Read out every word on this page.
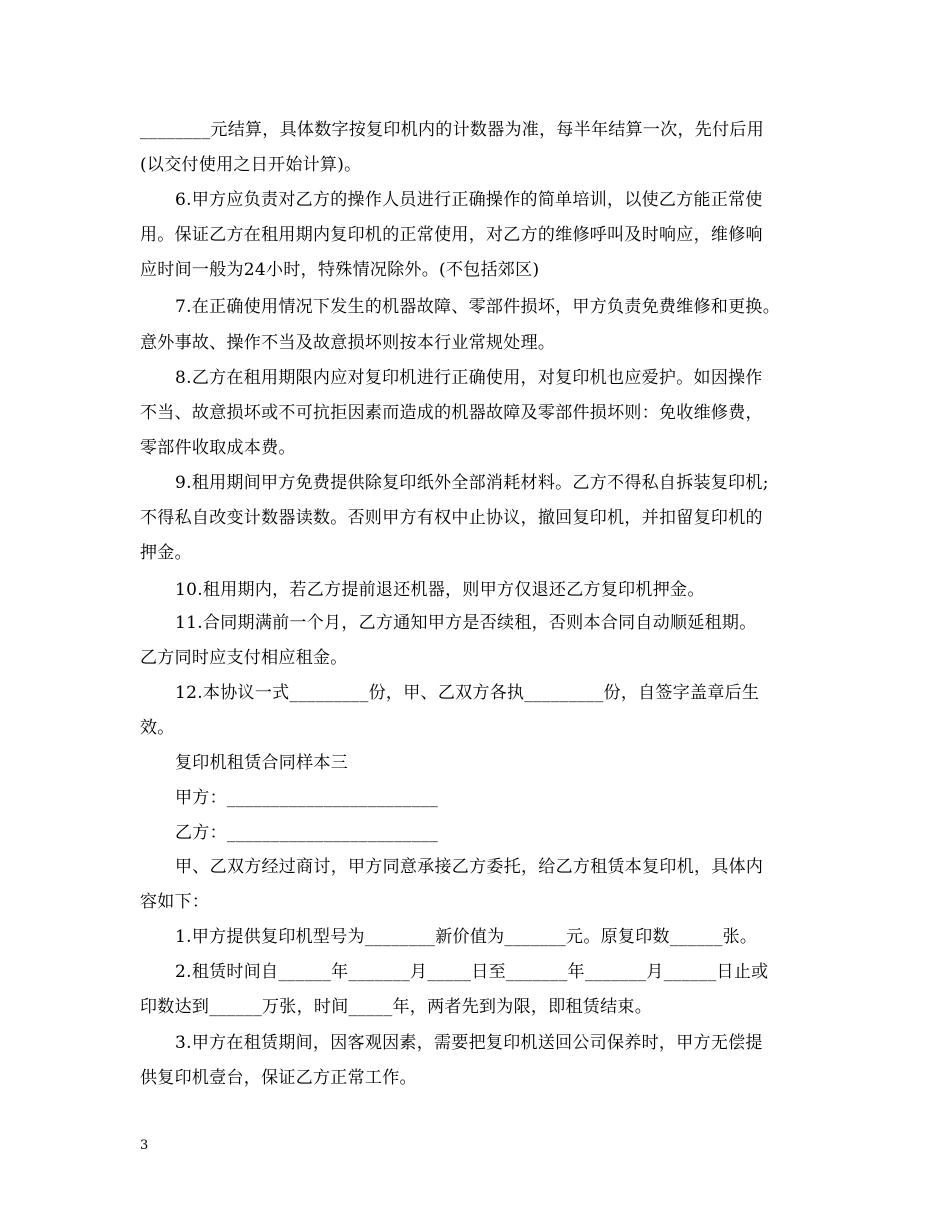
________元结算，具体数字按复印机内的计数器为准，每半年结算一次，先付后用
(以交付使用之日开始计算)。
6.甲方应负责对乙方的操作人员进行正确操作的简单培训，以使乙方能正常使
用。保证乙方在租用期内复印机的正常使用，对乙方的维修呼叫及时响应，维修响
应时间一般为24小时，特殊情况除外。(不包括郊区)
7.在正确使用情况下发生的机器故障、零部件损坏，甲方负责免费维修和更换。
意外事故、操作不当及故意损坏则按本行业常规处理。
8.乙方在租用期限内应对复印机进行正确使用，对复印机也应爱护。如因操作
不当、故意损坏或不可抗拒因素而造成的机器故障及零部件损坏则：免收维修费，
零部件收取成本费。
9.租用期间甲方免费提供除复印纸外全部消耗材料。乙方不得私自拆装复印机;
不得私自改变计数器读数。否则甲方有权中止协议，撤回复印机，并扣留复印机的
押金。
10.租用期内，若乙方提前退还机器，则甲方仅退还乙方复印机押金。
11.合同期满前一个月，乙方通知甲方是否续租，否则本合同自动顺延租期。
乙方同时应支付相应租金。
12.本协议一式_________份，甲、乙双方各执_________份，自签字盖章后生
效。
复印机租赁合同样本三
甲方：________________________
乙方：________________________
甲、乙双方经过商讨，甲方同意承接乙方委托，给乙方租赁本复印机，具体内
容如下：
1.甲方提供复印机型号为________新价值为_______元。原复印数______张。
2.租赁时间自______年_______月_____日至_______年_______月______日止或
印数达到______万张，时间_____年，两者先到为限，即租赁结束。
3.甲方在租赁期间，因客观因素，需要把复印机送回公司保养时，甲方无偿提
供复印机壹台，保证乙方正常工作。
3
